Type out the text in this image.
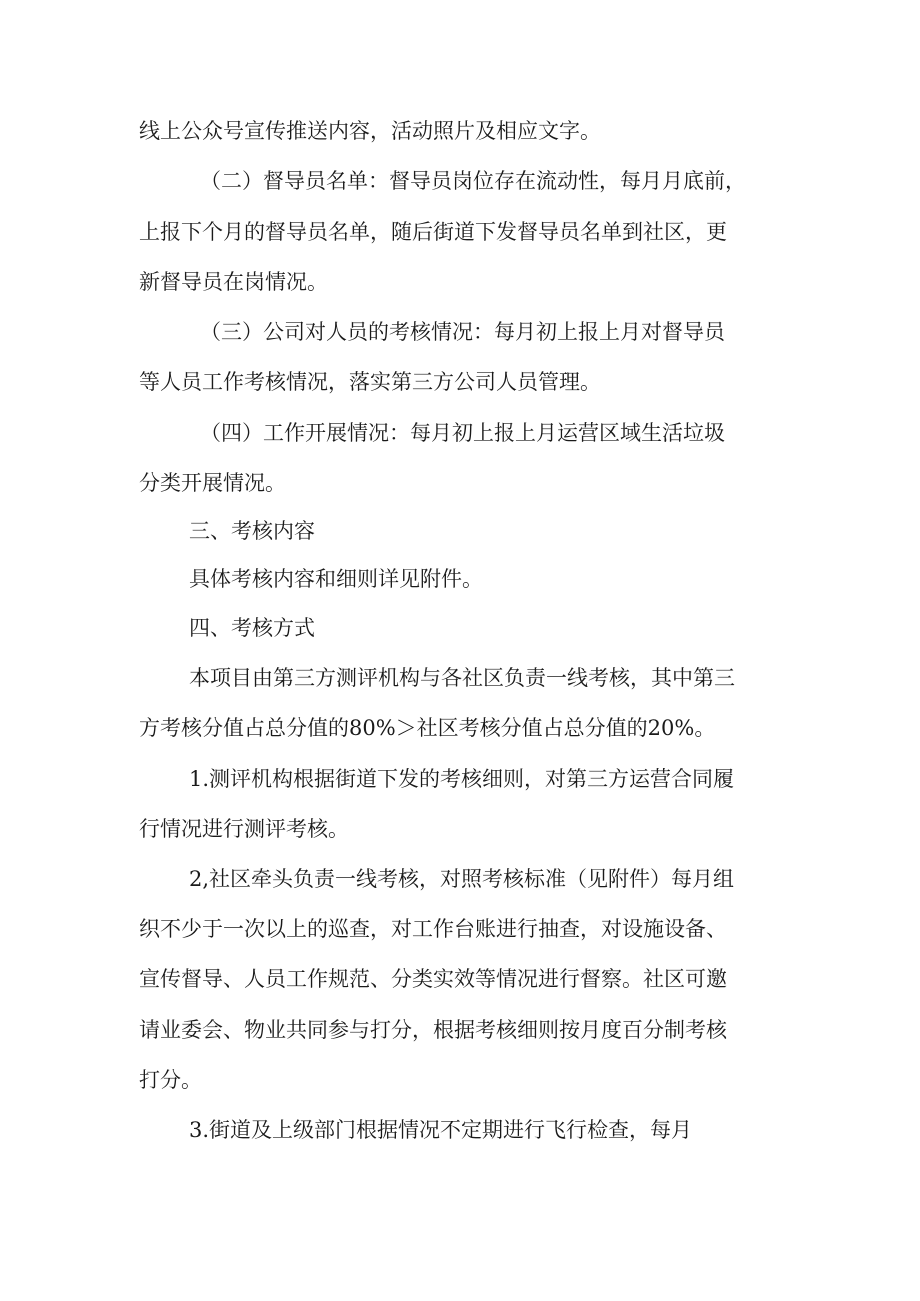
线上公众号宣传推送内容，活动照片及相应文字。

（二）督导员名单：督导员岗位存在流动性，每月月底前，

上报下个月的督导员名单，随后街道下发督导员名单到社区，更

新督导员在岗情况。

（三）公司对人员的考核情况：每月初上报上月对督导员

等人员工作考核情况，落实第三方公司人员管理。

（四）工作开展情况：每月初上报上月运营区域生活垃圾

分类开展情况。

三、考核内容

具体考核内容和细则详见附件。

四、考核方式

本项目由第三方测评机构与各社区负责一线考核，其中第三

方考核分值占总分值的80%＞社区考核分值占总分值的20%。

1.测评机构根据街道下发的考核细则，对第三方运营合同履

行情况进行测评考核。

2,社区牵头负责一线考核，对照考核标准（见附件）每月组

织不少于一次以上的巡查，对工作台账进行抽查，对设施设备、

宣传督导、人员工作规范、分类实效等情况进行督察。社区可邀

请业委会、物业共同参与打分，根据考核细则按月度百分制考核

打分。

3.街道及上级部门根据情况不定期进行飞行检查，每月
